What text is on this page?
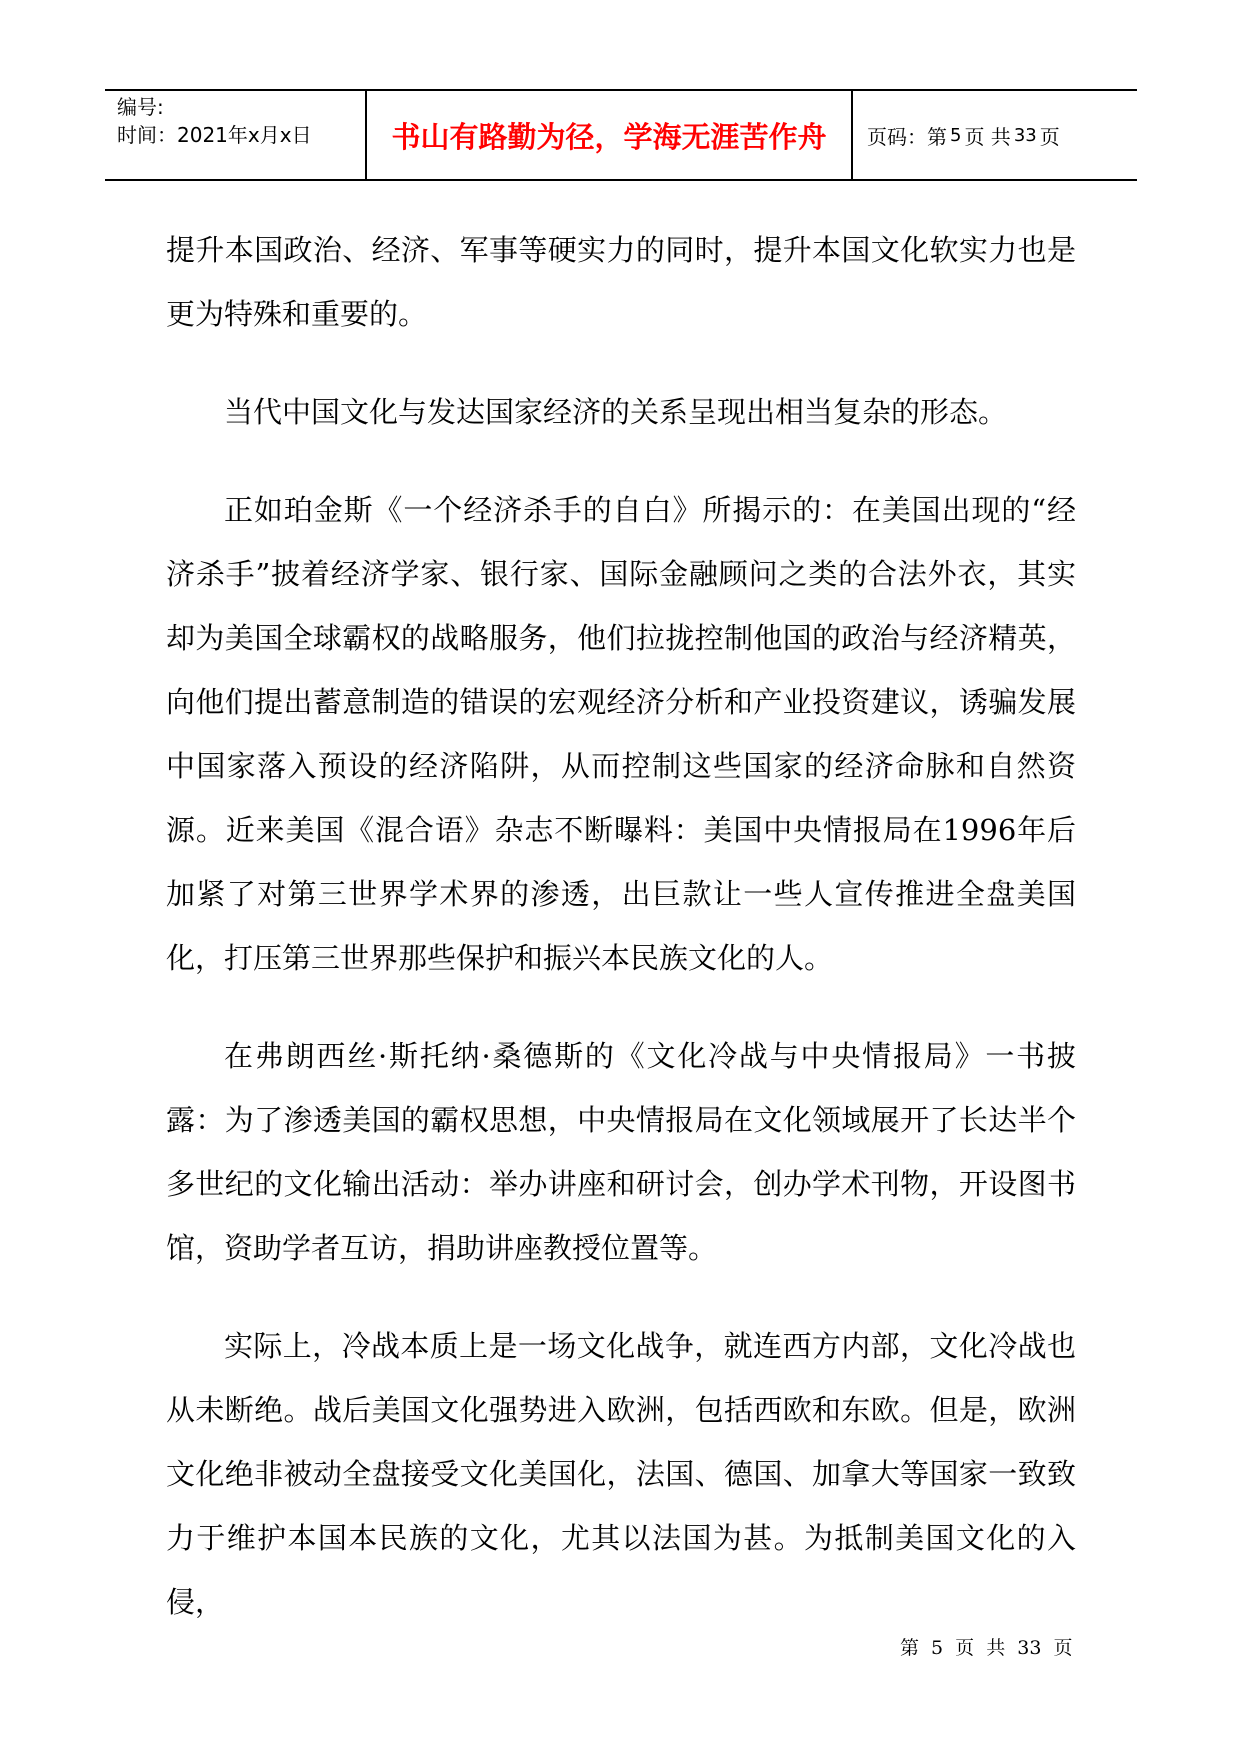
编号:
时间：2021年x月x日	书山有路勤为径，学海无涯苦作舟	页码：第 5 页 共 33 页

提升本国政治、经济、军事等硬实力的同时，提升本国文化软实力也是更为特殊和重要的。

当代中国文化与发达国家经济的关系呈现出相当复杂的形态。

正如珀金斯《一个经济杀手的自白》所揭示的：在美国出现的“经济杀手”披着经济学家、银行家、国际金融顾问之类的合法外衣，其实却为美国全球霸权的战略服务，他们拉拢控制他国的政治与经济精英，向他们提出蓄意制造的错误的宏观经济分析和产业投资建议，诱骗发展中国家落入预设的经济陷阱，从而控制这些国家的经济命脉和自然资源。近来美国《混合语》杂志不断曝料：美国中央情报局在1996年后加紧了对第三世界学术界的渗透，出巨款让一些人宣传推进全盘美国化，打压第三世界那些保护和振兴本民族文化的人。

在弗朗西丝·斯托纳·桑德斯的《文化冷战与中央情报局》一书披露：为了渗透美国的霸权思想，中央情报局在文化领域展开了长达半个多世纪的文化输出活动：举办讲座和研讨会，创办学术刊物，开设图书馆，资助学者互访，捐助讲座教授位置等。

实际上，冷战本质上是一场文化战争，就连西方内部，文化冷战也从未断绝。战后美国文化强势进入欧洲，包括西欧和东欧。但是，欧洲文化绝非被动全盘接受文化美国化，法国、德国、加拿大等国家一致致力于维护本国本民族的文化，尤其以法国为甚。为抵制美国文化的入侵，

第 5 页 共 33 页
